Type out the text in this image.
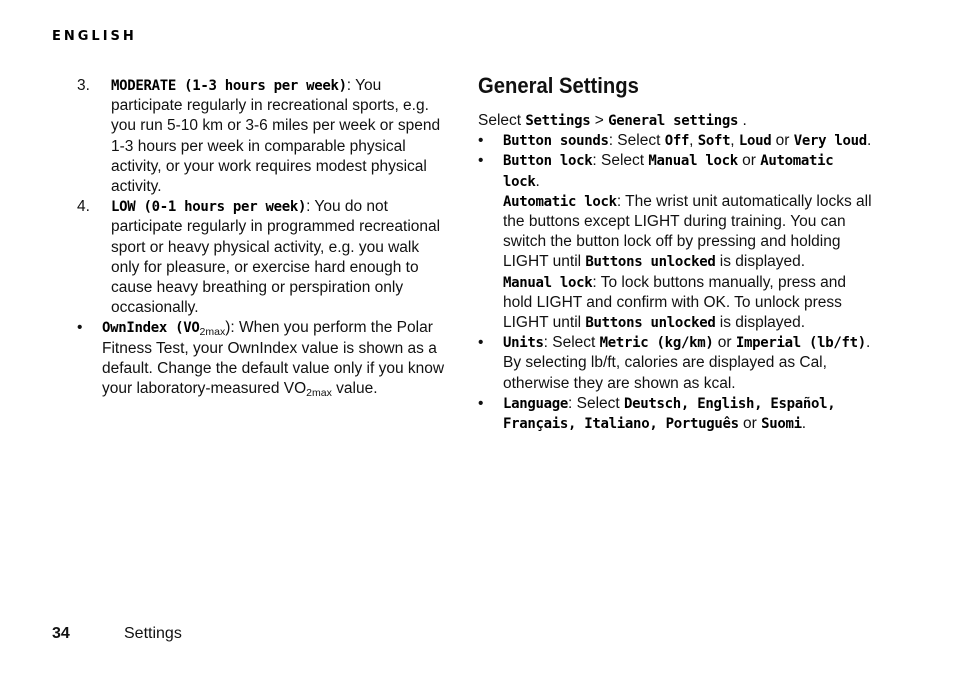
ENGLISH
3.	MODERATE (1-3 hours per week): You participate regularly in recreational sports, e.g. you run 5-10 km or 3-6 miles per week or spend 1-3 hours per week in comparable physical activity, or your work requires modest physical activity.
4.	LOW (0-1 hours per week): You do not participate regularly in programmed recreational sport or heavy physical activity, e.g. you walk only for pleasure, or exercise hard enough to cause heavy breathing or perspiration only occasionally.
•	OwnIndex $(VO_{2max})$: When you perform the Polar Fitness Test, your OwnIndex value is shown as a default. Change the default value only if you know your laboratory-measured $VO_{2max}$ value.
General Settings

Select Settings > General settings .

•	Button sounds: Select Off, Soft, Loud or Very loud.
•	Button lock: Select Manual lock or Automatic lock.

Automatic lock: The wrist unit automatically locks all the buttons except LIGHT during training. You can switch the button lock off by pressing and holding LIGHT until Buttons unlocked is displayed.

Manual lock: To lock buttons manually, press and hold LIGHT and confirm with OK. To unlock press LIGHT until Buttons unlocked is displayed.

•	Units: Select Metric (kg/km) or Imperial (lb/ft). By selecting lb/ft, calories are displayed as Cal, otherwise they are shown as kcal.
•	Language: Select Deutsch, English, Español, Français, Italiano, Português or Suomi.
34	Settings
